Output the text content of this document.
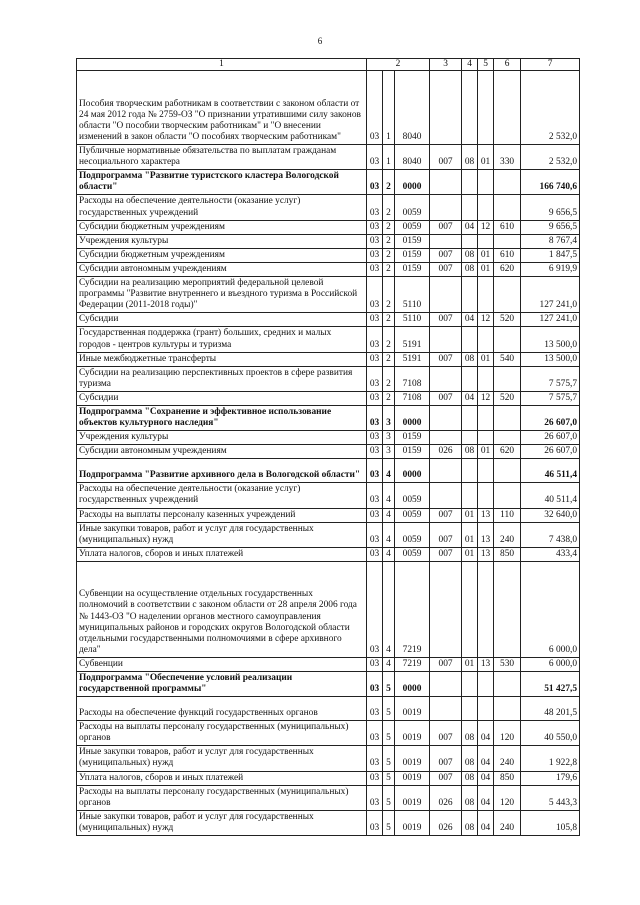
6
1	2			3	4	5	6	7
Пособия творческим работникам в соответствии с законом области от 24 мая 2012 года № 2759-ОЗ "О признании утратившими силу законов области "О пособии творческим работникам" и "О внесении изменений в закон области "О пособиях творческим работникам"	03	1	8040					2 532,0
Публичные нормативные обязательства по выплатам гражданам несоциального характера	03	1	8040	007	08	01	330	2 532,0
Подпрограмма "Развитие туристского кластера Вологодской области"	03	2	0000					166 740,6
Расходы на обеспечение деятельности (оказание услуг) государственных учреждений	03	2	0059					9 656,5
Субсидии бюджетным учреждениям	03	2	0059	007	04	12	610	9 656,5
Учреждения культуры	03	2	0159					8 767,4
Субсидии бюджетным учреждениям	03	2	0159	007	08	01	610	1 847,5
Субсидии автономным учреждениям	03	2	0159	007	08	01	620	6 919,9
Субсидии на реализацию мероприятий федеральной целевой программы "Развитие внутреннего и въездного туризма в Российской Федерации (2011-2018 годы)"	03	2	5110					127 241,0
Субсидии	03	2	5110	007	04	12	520	127 241,0
Государственная поддержка (грант) больших, средних и малых городов - центров культуры и туризма	03	2	5191					13 500,0
Иные межбюджетные трансферты	03	2	5191	007	08	01	540	13 500,0
Субсидии на реализацию перспективных проектов в сфере развития туризма	03	2	7108					7 575,7
Субсидии	03	2	7108	007	04	12	520	7 575,7
Подпрограмма "Сохранение и эффективное использование объектов культурного наследия"	03	3	0000					26 607,0
Учреждения культуры	03	3	0159					26 607,0
Субсидии автономным учреждениям	03	3	0159	026	08	01	620	26 607,0
Подпрограмма "Развитие архивного дела в Вологодской области"	03	4	0000					46 511,4
Расходы на обеспечение деятельности (оказание услуг) государственных учреждений	03	4	0059					40 511,4
Расходы на выплаты персоналу казенных учреждений	03	4	0059	007	01	13	110	32 640,0
Иные закупки товаров, работ и услуг для государственных (муниципальных) нужд	03	4	0059	007	01	13	240	7 438,0
Уплата налогов, сборов и иных платежей	03	4	0059	007	01	13	850	433,4
Субвенции на осуществление отдельных государственных полномочий в соответствии с законом области от 28 апреля 2006 года № 1443-ОЗ "О наделении органов местного самоуправления муниципальных районов и городских округов Вологодской области отдельными государственными полномочиями в сфере архивного дела"	03	4	7219					6 000,0
Субвенции	03	4	7219	007	01	13	530	6 000,0
Подпрограмма "Обеспечение условий реализации государственной программы"	03	5	0000					51 427,5
Расходы на обеспечение функций государственных органов	03	5	0019					48 201,5
Расходы на выплаты персоналу государственных (муниципальных) органов	03	5	0019	007	08	04	120	40 550,0
Иные закупки товаров, работ и услуг для государственных (муниципальных) нужд	03	5	0019	007	08	04	240	1 922,8
Уплата налогов, сборов и иных платежей	03	5	0019	007	08	04	850	179,6
Расходы на выплаты персоналу государственных (муниципальных) органов	03	5	0019	026	08	04	120	5 443,3
Иные закупки товаров, работ и услуг для государственных (муниципальных) нужд	03	5	0019	026	08	04	240	105,8
